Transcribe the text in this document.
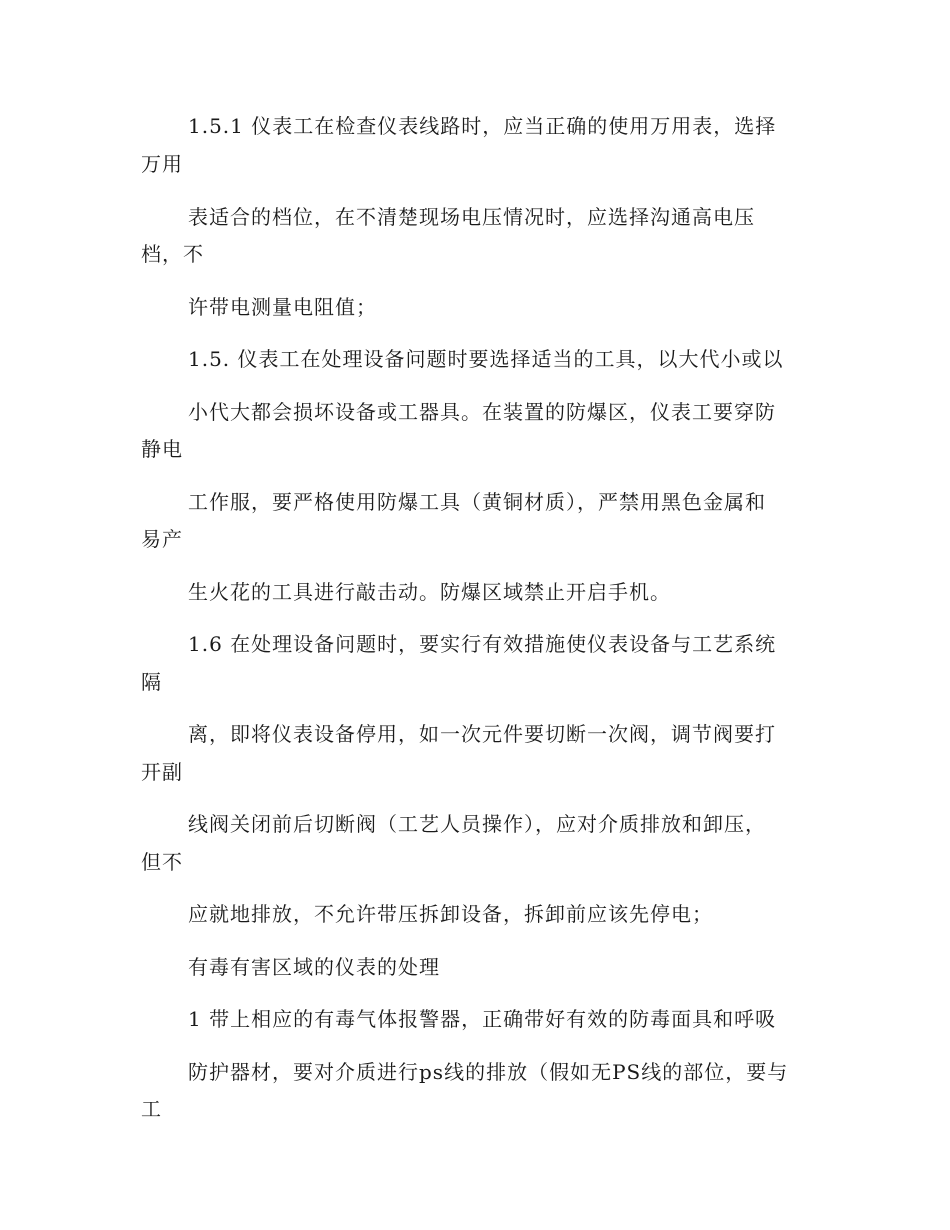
1.5.1 仪表工在检查仪表线路时，应当正确的使用万用表，选择
万用
表适合的档位，在不清楚现场电压情况时，应选择沟通高电压
档，不
许带电测量电阻值；
1.5. 仪表工在处理设备问题时要选择适当的工具，以大代小或以
小代大都会损坏设备或工器具。在装置的防爆区，仪表工要穿防
静电
工作服，要严格使用防爆工具（黄铜材质），严禁用黑色金属和
易产
生火花的工具进行敲击动。防爆区域禁止开启手机。
1.6 在处理设备问题时，要实行有效措施使仪表设备与工艺系统
隔
离，即将仪表设备停用，如一次元件要切断一次阀，调节阀要打
开副
线阀关闭前后切断阀（工艺人员操作），应对介质排放和卸压，
但不
应就地排放，不允许带压拆卸设备，拆卸前应该先停电；
有毒有害区域的仪表的处理
1 带上相应的有毒气体报警器，正确带好有效的防毒面具和呼吸
防护器材，要对介质进行ps线的排放（假如无PS线的部位，要与
工
